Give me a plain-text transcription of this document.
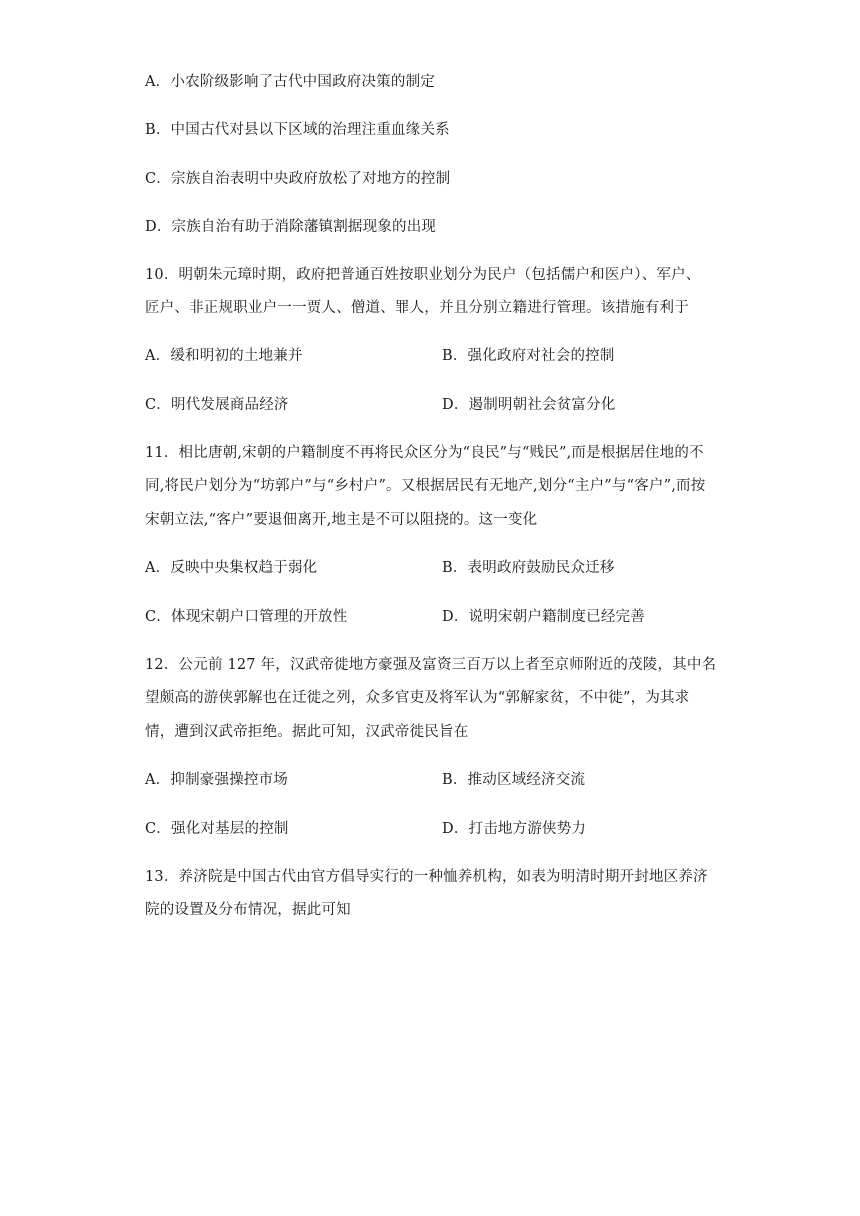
A．小农阶级影响了古代中国政府决策的制定
B．中国古代对县以下区域的治理注重血缘关系
C．宗族自治表明中央政府放松了对地方的控制
D．宗族自治有助于消除藩镇割据现象的出现
10．明朝朱元璋时期，政府把普通百姓按职业划分为民户（包括儒户和医户）、军户、
匠户、非正规职业户一一贾人、僧道、罪人，并且分别立籍进行管理。该措施有利于
A．缓和明初的土地兼并	B．强化政府对社会的控制
C．明代发展商品经济	D．遏制明朝社会贫富分化
11．相比唐朝,宋朝的户籍制度不再将民众区分为“良民”与“贱民”,而是根据居住地的不
同,将民户划分为“坊郭户”与“乡村户”。又根据居民有无地产,划分“主户”与“客户”,而按
宋朝立法,“客户”要退佃离开,地主是不可以阻挠的。这一变化
A．反映中央集权趋于弱化	B．表明政府鼓励民众迁移
C．体现宋朝户口管理的开放性	D．说明宋朝户籍制度已经完善
12．公元前 127 年，汉武帝徙地方豪强及富资三百万以上者至京师附近的茂陵，其中名
望颇高的游侠郭解也在迁徙之列，众多官吏及将军认为“郭解家贫，不中徙”，为其求
情，遭到汉武帝拒绝。据此可知，汉武帝徙民旨在
A．抑制豪强操控市场	B．推动区域经济交流
C．强化对基层的控制	D．打击地方游侠势力
13．养济院是中国古代由官方倡导实行的一种恤养机构，如表为明清时期开封地区养济
院的设置及分布情况，据此可知
